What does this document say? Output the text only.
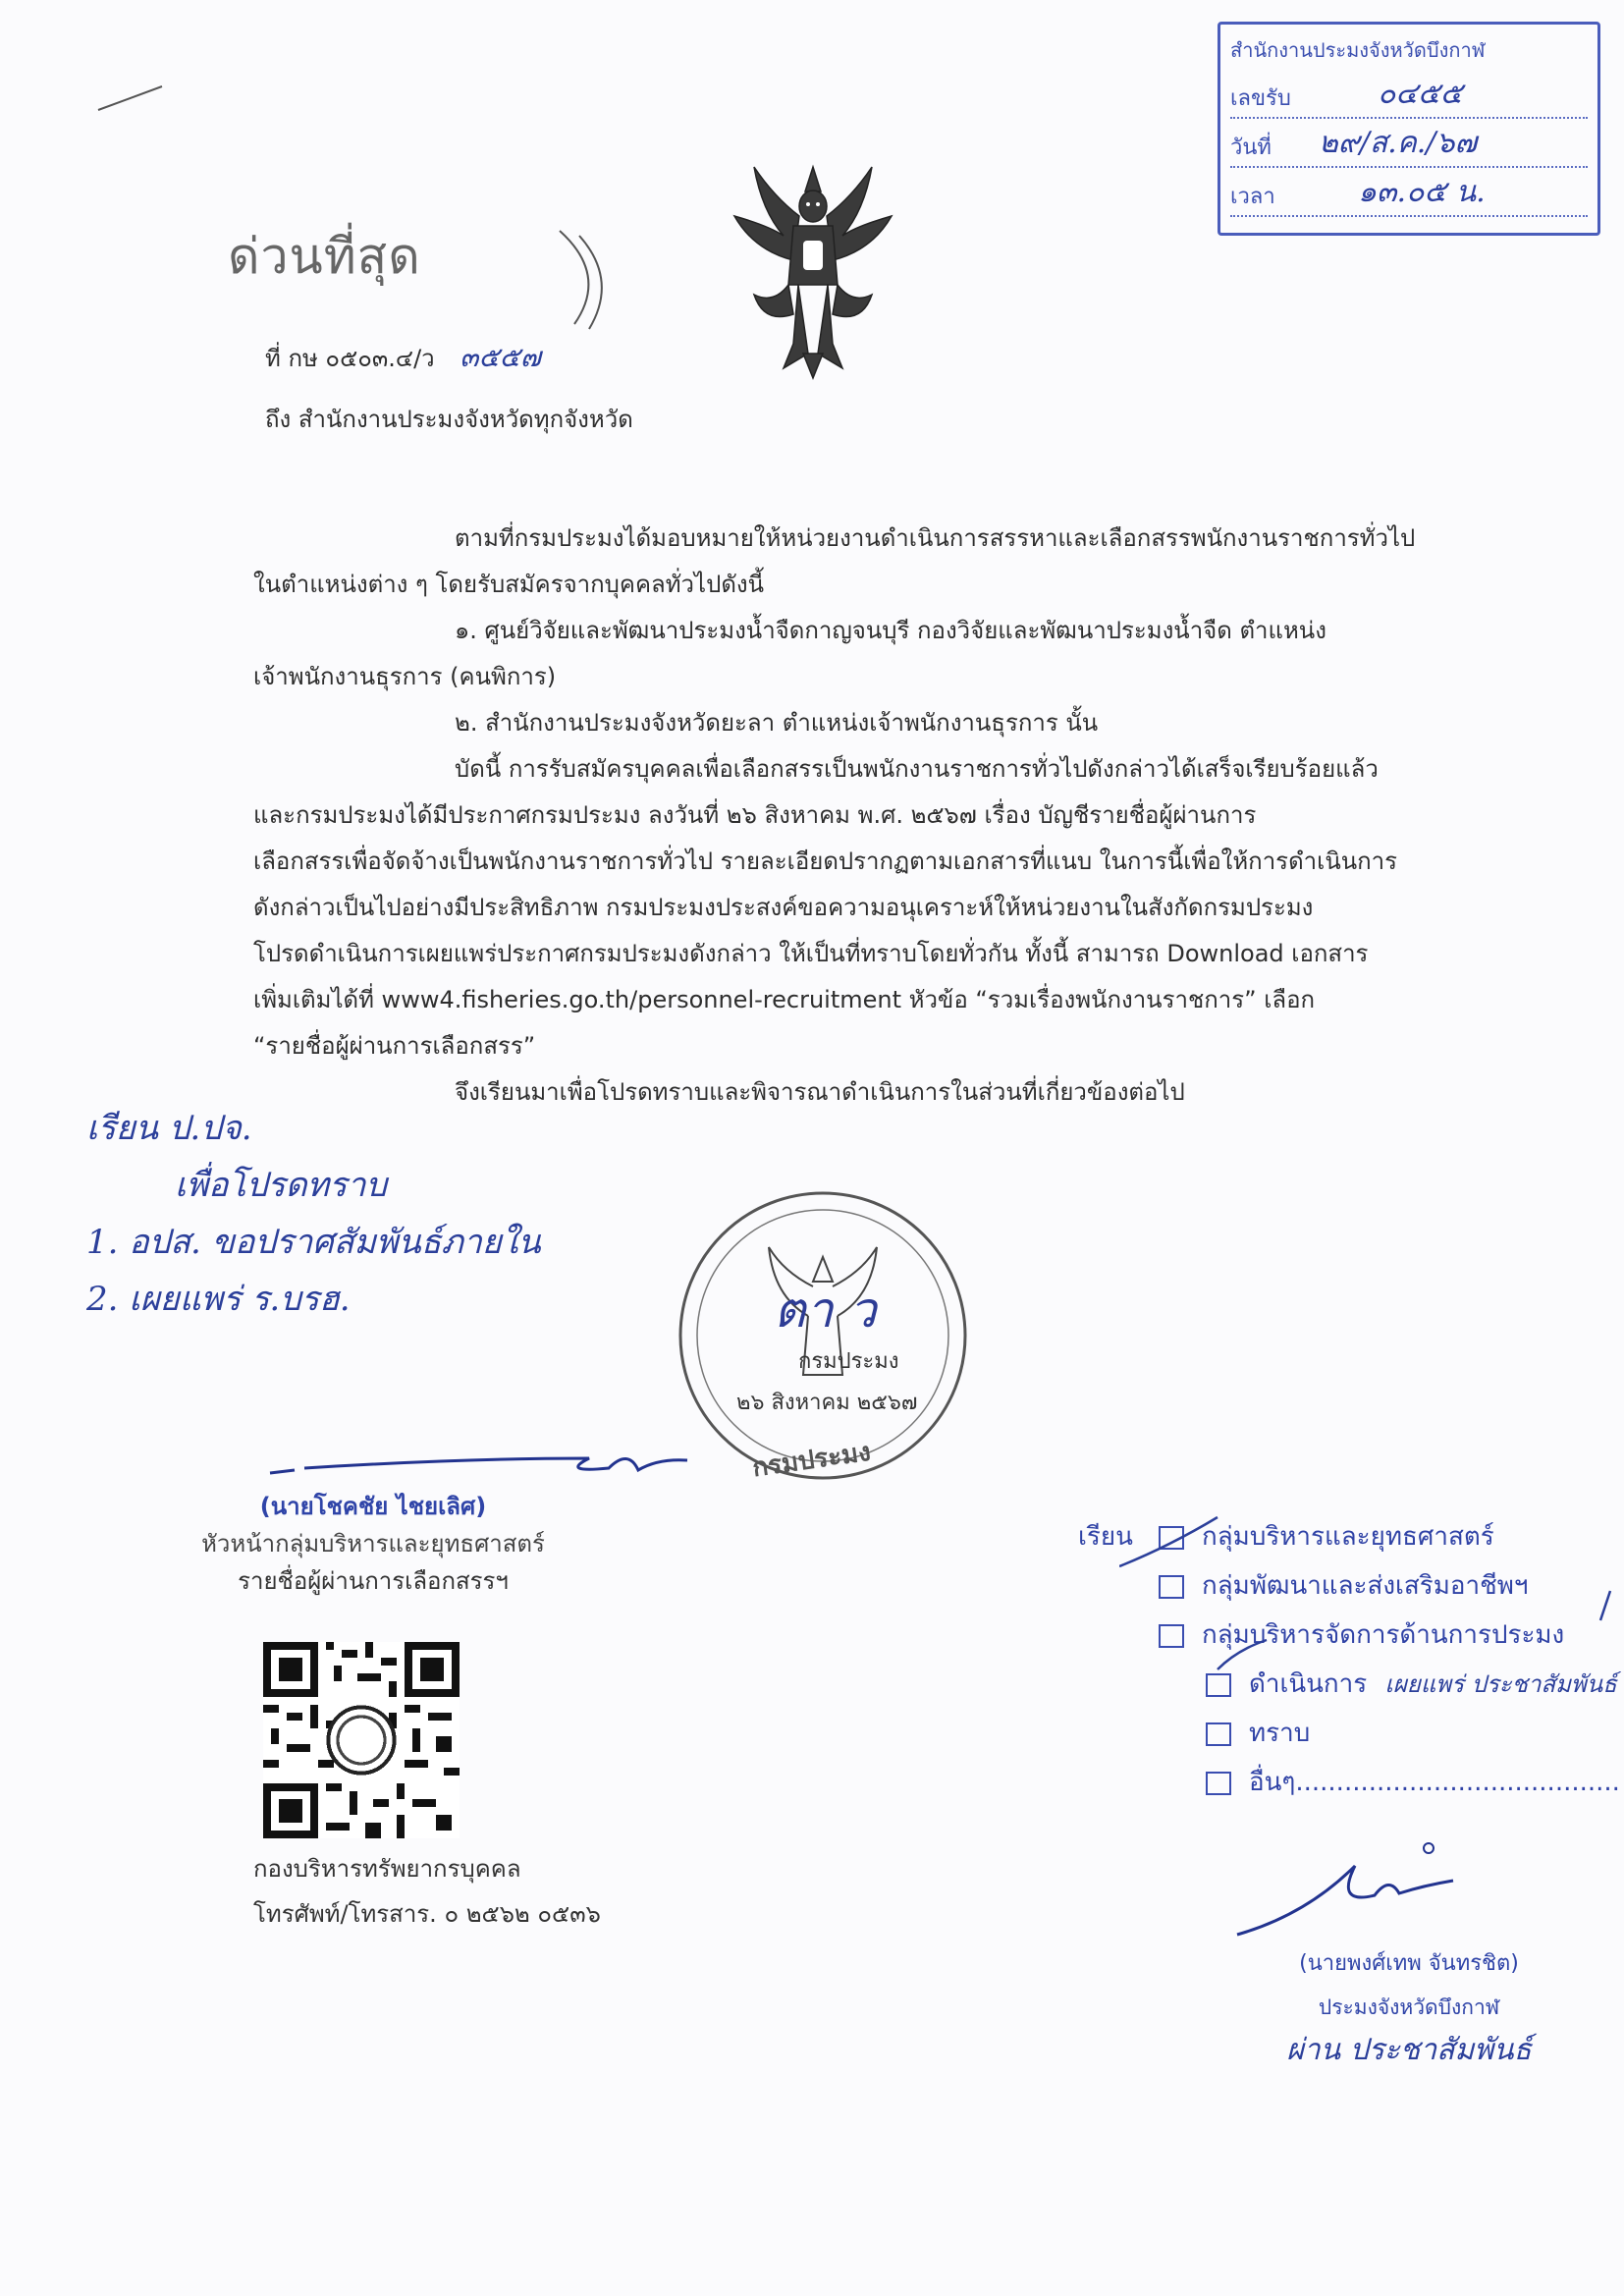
สำนักงานประมงจังหวัดบึงกาฬ
เลขรับ	๐๔๕๕
วันที่ ๒๙/ส.ค./๖๗
เวลา	๑๓.๐๕ น.
ด่วนที่สุด
ที่ กษ ๐๕๐๓.๔/ว ๓๕๕๗
ถึง สำนักงานประมงจังหวัดทุกจังหวัด
ตามที่กรมประมงได้มอบหมายให้หน่วยงานดำเนินการสรรหาและเลือกสรรพนักงานราชการทั่วไป
ในตำแหน่งต่าง ๆ โดยรับสมัครจากบุคคลทั่วไปดังนี้
๑. ศูนย์วิจัยและพัฒนาประมงน้ำจืดกาญจนบุรี กองวิจัยและพัฒนาประมงน้ำจืด ตำแหน่ง
เจ้าพนักงานธุรการ (คนพิการ)
๒. สำนักงานประมงจังหวัดยะลา ตำแหน่งเจ้าพนักงานธุรการ นั้น
บัดนี้ การรับสมัครบุคคลเพื่อเลือกสรรเป็นพนักงานราชการทั่วไปดังกล่าวได้เสร็จเรียบร้อยแล้ว
และกรมประมงได้มีประกาศกรมประมง ลงวันที่ ๒๖ สิงหาคม พ.ศ. ๒๕๖๗ เรื่อง บัญชีรายชื่อผู้ผ่านการ
เลือกสรรเพื่อจัดจ้างเป็นพนักงานราชการทั่วไป รายละเอียดปรากฏตามเอกสารที่แนบ ในการนี้เพื่อให้การดำเนินการ
ดังกล่าวเป็นไปอย่างมีประสิทธิภาพ กรมประมงประสงค์ขอความอนุเคราะห์ให้หน่วยงานในสังกัดกรมประมง
โปรดดำเนินการเผยแพร่ประกาศกรมประมงดังกล่าว ให้เป็นที่ทราบโดยทั่วกัน ทั้งนี้ สามารถ Download เอกสาร
เพิ่มเติมได้ที่ www4.fisheries.go.th/personnel-recruitment หัวข้อ “รวมเรื่องพนักงานราชการ” เลือก
“รายชื่อผู้ผ่านการเลือกสรร”
จึงเรียนมาเพื่อโปรดทราบและพิจารณาดำเนินการในส่วนที่เกี่ยวข้องต่อไป
เรียน ป.ปจ.
เพื่อโปรดทราบ
1. อปส. ขอปราศสัมพันธ์ภายใน
2. เผยแพร่ ร.บรฮ.	ตา ว
กรมประมง
๒๖ สิงหาคม ๒๕๖๗
กรมประมง
(นายโชคชัย ไชยเลิศ)
หัวหน้ากลุ่มบริหารและยุทธศาสตร์
รายชื่อผู้ผ่านการเลือกสรรฯ
กองบริหารทรัพยากรบุคคล
โทรศัพท์/โทรสาร. ๐ ๒๕๖๒ ๐๕๓๖
เรียน	กลุ่มบริหารและยุทธศาสตร์
กลุ่มพัฒนาและส่งเสริมอาชีพฯ
กลุ่มบริหารจัดการด้านการประมง
ดำเนินการ เผยแพร่ ประชาสัมพันธ์
ทราบ
อื่นๆ........................................
(นายพงศ์เทพ จันทรชิต)
ประมงจังหวัดบึงกาฬ
ผ่าน ประชาสัมพันธ์
